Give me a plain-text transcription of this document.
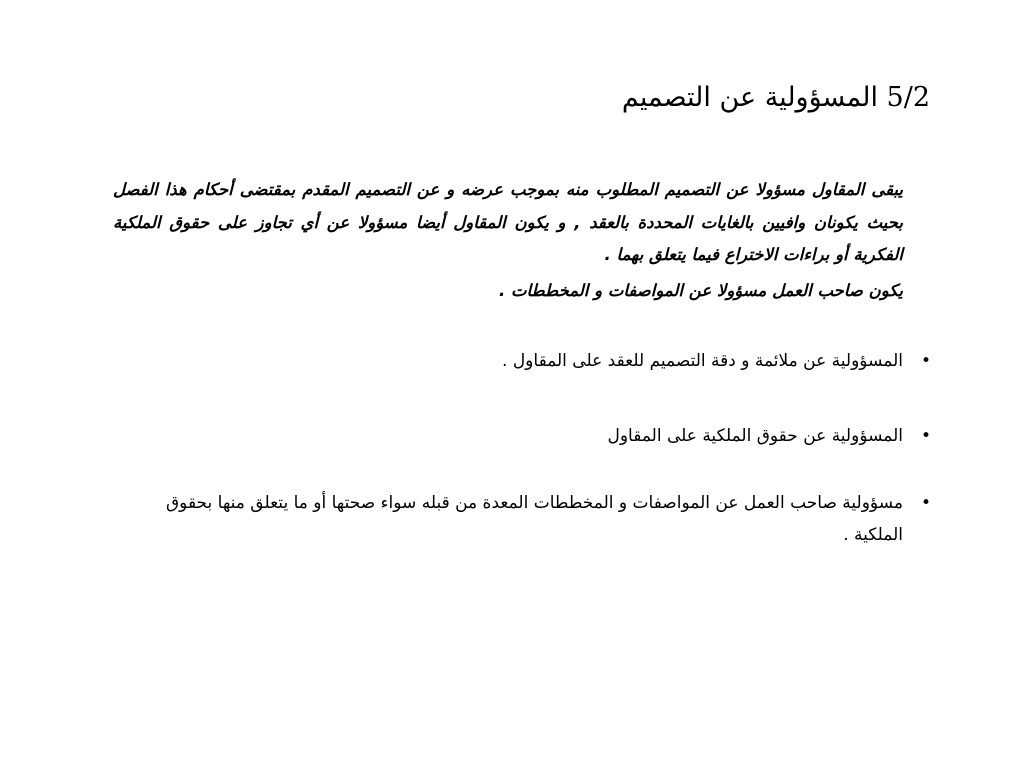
5/2 المسؤولية عن التصميم

يبقى المقاول مسؤولا عن التصميم المطلوب منه بموجب عرضه و عن التصميم المقدم بمقتضى أحكام هذا الفصل بحيث يكونان وافيين بالغايات المحددة بالعقد , و يكون المقاول أيضا مسؤولا عن أي تجاوز على حقوق الملكية الفكرية أو براءات الاختراع فيما يتعلق بهما .

يكون صاحب العمل مسؤولا عن المواصفات و المخططات .

•
المسؤولية عن ملائمة و دقة التصميم للعقد على المقاول .
•
المسؤولية عن حقوق الملكية على المقاول
•
مسؤولية صاحب العمل عن المواصفات و المخططات المعدة من قبله سواء صحتها أو ما يتعلق منها بحقوق الملكية .
